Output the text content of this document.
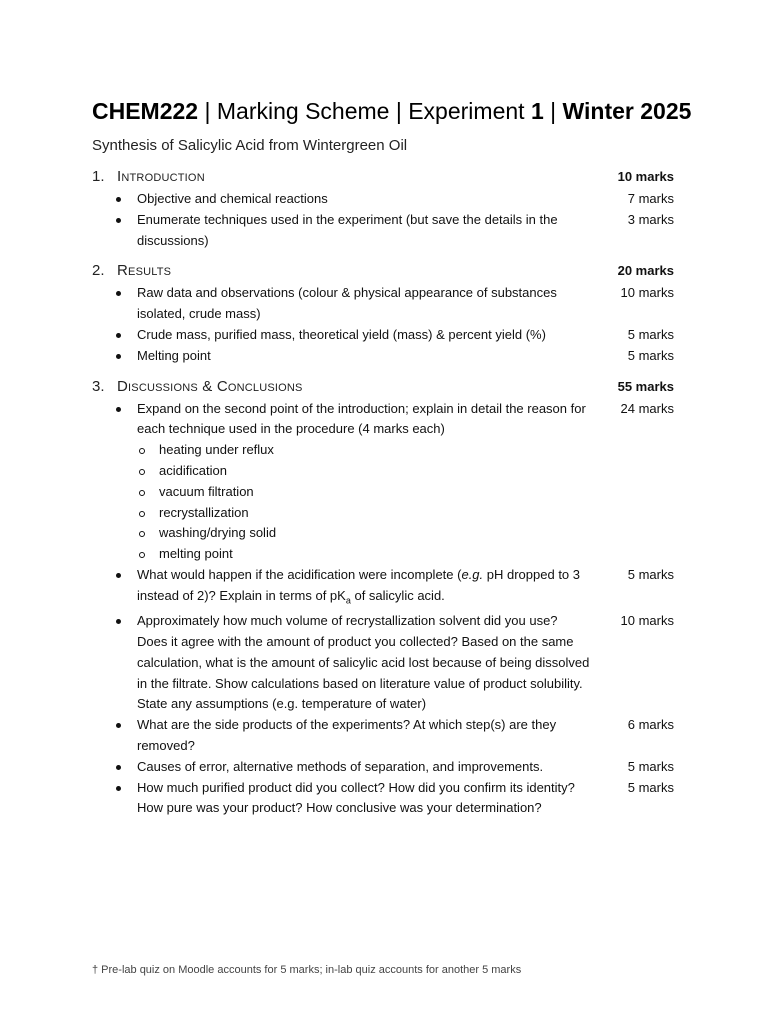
CHEM222 | Marking Scheme | Experiment 1 | Winter 2025
Synthesis of Salicylic Acid from Wintergreen Oil
1. Introduction	10 marks
Objective and chemical reactions	7 marks
Enumerate techniques used in the experiment (but save the details in the discussions)
3 marks
2. Results	20 marks
Raw data and observations (colour & physical appearance of substances isolated, crude mass)
10 marks
Crude mass, purified mass, theoretical yield (mass) & percent yield (%)	5 marks
Melting point	5 marks
3. Discussions & Conclusions	55 marks
Expand on the second point of the introduction; explain in detail the reason for each technique used in the procedure (4 marks each)
24 marks
heating under reflux
acidification
vacuum filtration
recrystallization
washing/drying solid
melting point
What would happen if the acidification were incomplete (e.g. pH dropped to 3 instead of 2)? Explain in terms of $pK_a$ of salicylic acid.
5 marks
Approximately how much volume of recrystallization solvent did you use? Does it agree with the amount of product you collected? Based on the same calculation, what is the amount of salicylic acid lost because of being dissolved in the filtrate. Show calculations based on literature value of product solubility. State any assumptions (e.g. temperature of water)
10 marks
What are the side products of the experiments? At which step(s) are they removed?
6 marks
Causes of error, alternative methods of separation, and improvements.	5 marks
How much purified product did you collect? How did you confirm its identity? How pure was your product? How conclusive was your determination?
5 marks
† Pre-lab quiz on Moodle accounts for 5 marks; in-lab quiz accounts for another 5 marks
